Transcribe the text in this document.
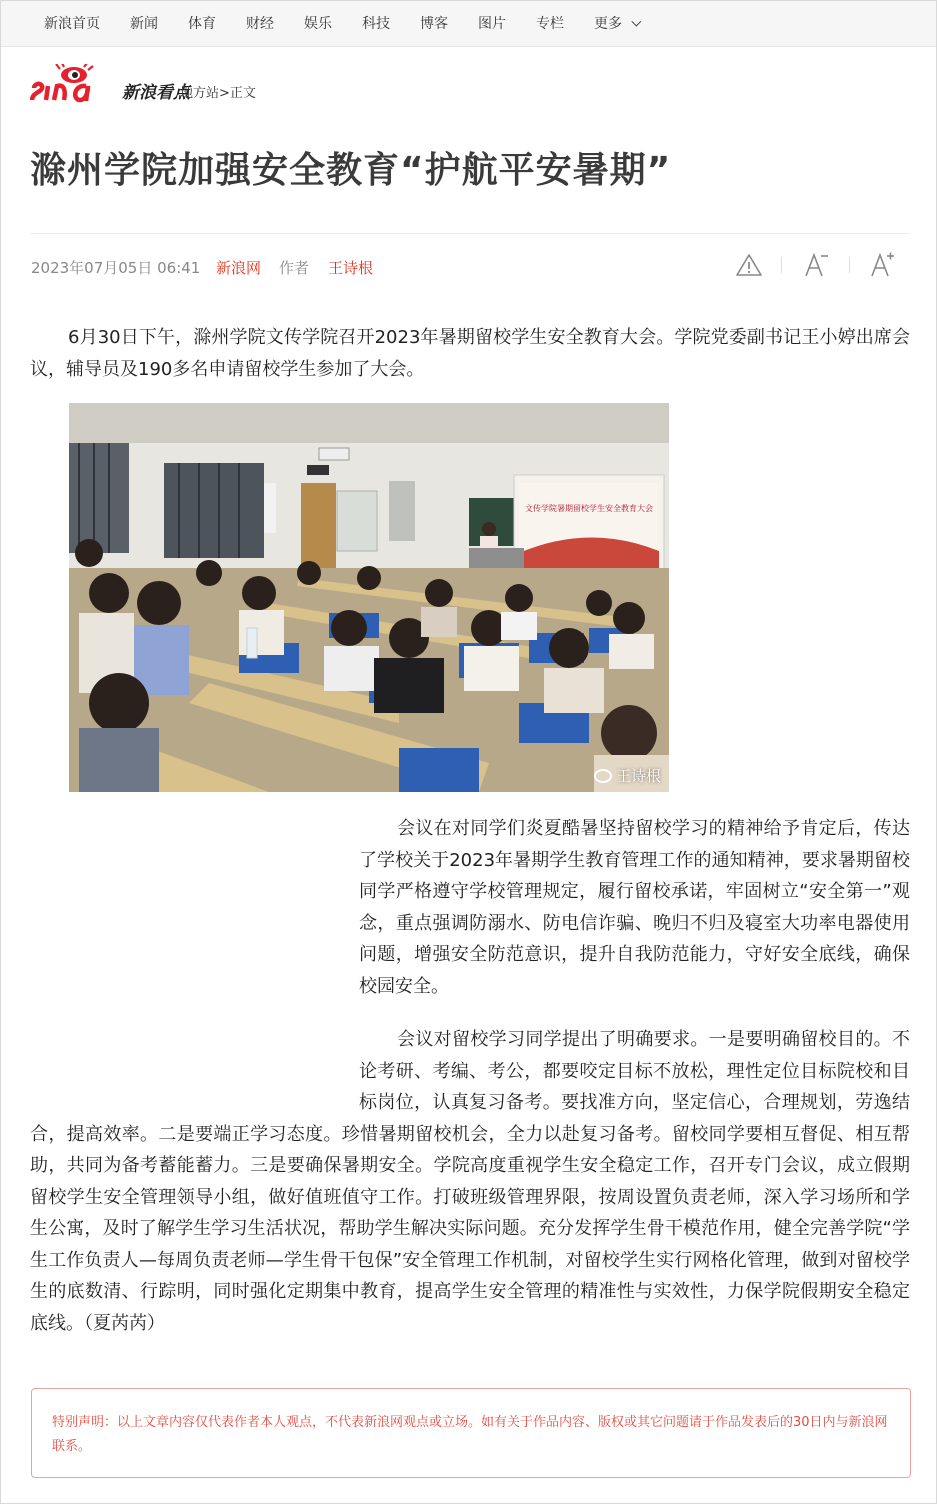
新浪首页 新闻 体育 财经 娱乐 科技 博客 图片 专栏 更多
新浪看点
地方站>正文
滁州学院加强安全教育“护航平安暑期”
2023年07月05日 06:41 新浪网 作者 王诗根

6月30日下午，滁州学院文传学院召开2023年暑期留校学生安全教育大会。学院党委副书记王小婷出席会议，辅导员及190多名申请留校学生参加了大会。

文传学院暑期留校学生安全教育大会
王诗根

会议在对同学们炎夏酷暑坚持留校学习的精神给予肯定后，传达了学校关于2023年暑期学生教育管理工作的通知精神，要求暑期留校同学严格遵守学校管理规定，履行留校承诺，牢固树立“安全第一”观念，重点强调防溺水、防电信诈骗、晚归不归及寝室大功率电器使用问题，增强安全防范意识，提升自我防范能力，守好安全底线，确保校园安全。

会议对留校学习同学提出了明确要求。一是要明确留校目的。不论考研、考编、考公，都要咬定目标不放松，理性定位目标院校和目标岗位，认真复习备考。要找准方向，坚定信心，合理规划，劳逸结合，提高效率。二是要端正学习态度。珍惜暑期留校机会，全力以赴复习备考。留校同学要相互督促、相互帮助，共同为备考蓄能蓄力。三是要确保暑期安全。学院高度重视学生安全稳定工作，召开专门会议，成立假期留校学生安全管理领导小组，做好值班值守工作。打破班级管理界限，按周设置负责老师，深入学习场所和学生公寓，及时了解学生学习生活状况，帮助学生解决实际问题。充分发挥学生骨干模范作用，健全完善学院“学生工作负责人—每周负责老师—学生骨干包保”安全管理工作机制，对留校学生实行网格化管理，做到对留校学生的底数清、行踪明，同时强化定期集中教育，提高学生安全管理的精准性与实效性，力保学院假期安全稳定底线。（夏芮芮）
特别声明：以上文章内容仅代表作者本人观点，不代表新浪网观点或立场。如有关于作品内容、版权或其它问题请于作品发表后的30日内与新浪网联系。
